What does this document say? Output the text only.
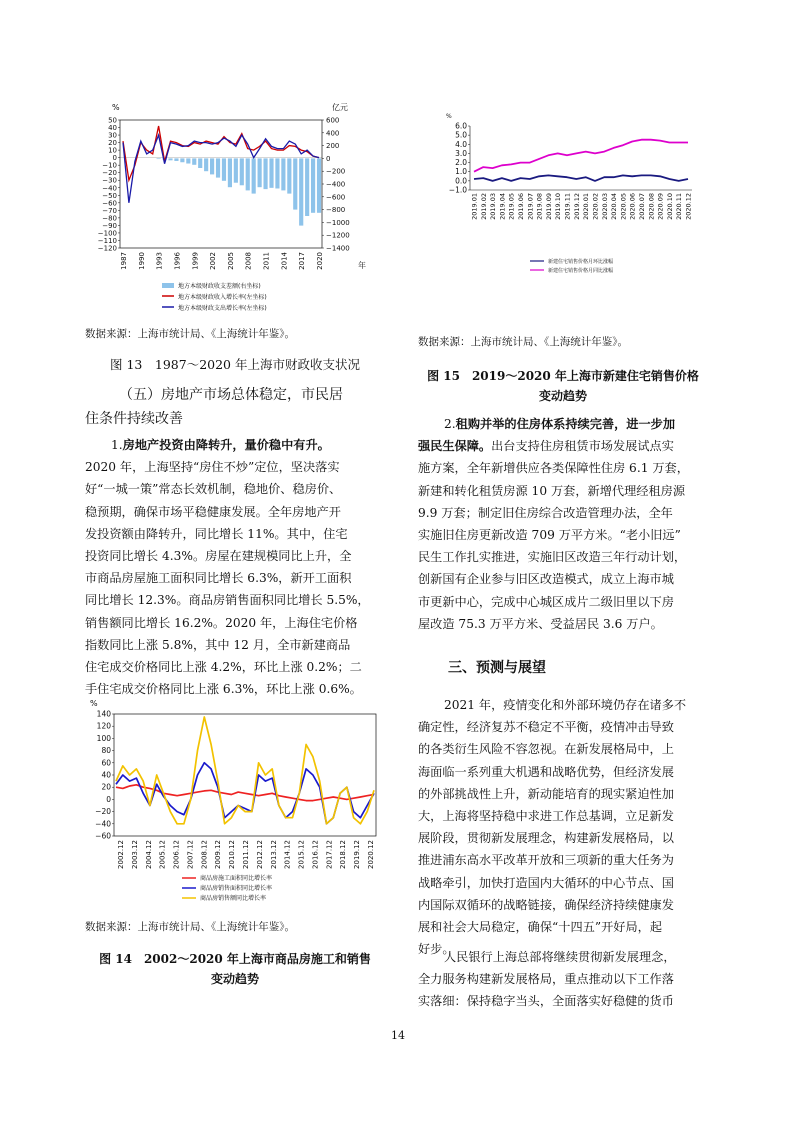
50
40
30
20
10
0
−10
−20
−30
−40
−50
−60
−70
−80
−90
−100
−110
−120
600
400
200
0
−200
−400
−600
−800
−1000
−1200
−1400
1987 1990 1993 1996 1999 2002 2005 2008 2011 2014 2017 2020
%	亿元
年
地方本级财政收支差额(右坐标)
地方本级财政收入增长率(左坐标)
地方本级财政支出增长率(左坐标)
数据来源：上海市统计局、《上海统计年鉴》。
图 13　1987～2020 年上海市财政收支状况
（五）房地产市场总体稳定，市民居
住条件持续改善
1.房地产投资由降转升，量价稳中有升。
2020 年，上海坚持“房住不炒”定位，坚决落实
好“一城一策”常态长效机制，稳地价、稳房价、
稳预期，确保市场平稳健康发展。全年房地产开
发投资额由降转升，同比增长 11%。其中，住宅
投资同比增长 4.3%。房屋在建规模同比上升，全
市商品房屋施工面积同比增长 6.3%，新开工面积
同比增长 12.3%。商品房销售面积同比增长 5.5%，
销售额同比增长 16.2%。2020 年，上海住宅价格
指数同比上涨 5.8%，其中 12 月，全市新建商品
住宅成交价格同比上涨 4.2%，环比上涨 0.2%；二
手住宅成交价格同比上涨 6.3%，环比上涨 0.6%。
140
120
100
80
60
40
20
0
−20
−40
−60
2002.12 2003.12 2004.12 2005.12 2006.12 2007.12 2008.12 2009.12 2010.12 2011.12 2012.12 2013.12 2014.12 2015.12 2016.12 2017.12 2018.12 2019.12 2020.12
%
商品房施工面积同比增长率
商品房销售面积同比增长率
商品房销售额同比增长率
数据来源：上海市统计局、《上海统计年鉴》。
图 14　2002～2020 年上海市商品房施工和销售
变动趋势
6.0
5.0
4.0
3.0
2.0
1.0
0.0
−1.0
2019.01 2019.02 2019.03 2019.04 2019.05 2019.06 2019.07 2019.08 2019.09 2019.10 2019.11 2019.12 2020.01 2020.02 2020.03 2020.04 2020.05 2020.06 2020.07 2020.08 2020.09 2020.10 2020.11 2020.12
%
新建住宅销售价格月环比涨幅
新建住宅销售价格月同比涨幅
数据来源：上海市统计局、《上海统计年鉴》。
图 15　2019～2020 年上海市新建住宅销售价格
变动趋势
2.租购并举的住房体系持续完善，进一步加
强民生保障。出台支持住房租赁市场发展试点实
施方案，全年新增供应各类保障性住房 6.1 万套，
新建和转化租赁房源 10 万套，新增代理经租房源
9.9 万套；制定旧住房综合改造管理办法，全年
实施旧住房更新改造 709 万平方米。“老小旧远”
民生工作扎实推进，实施旧区改造三年行动计划，
创新国有企业参与旧区改造模式，成立上海市城
市更新中心，完成中心城区成片二级旧里以下房
屋改造 75.3 万平方米、受益居民 3.6 万户。
三、预测与展望
2021 年，疫情变化和外部环境仍存在诸多不
确定性，经济复苏不稳定不平衡，疫情冲击导致
的各类衍生风险不容忽视。在新发展格局中，上
海面临一系列重大机遇和战略优势，但经济发展
的外部挑战性上升，新动能培育的现实紧迫性加
大，上海将坚持稳中求进工作总基调，立足新发
展阶段，贯彻新发展理念，构建新发展格局，以
推进浦东高水平改革开放和三项新的重大任务为
战略牵引，加快打造国内大循环的中心节点、国
内国际双循环的战略链接，确保经济持续健康发
展和社会大局稳定，确保“十四五”开好局，起
好步。
人民银行上海总部将继续贯彻新发展理念，
全力服务构建新发展格局，重点推动以下工作落
实落细：保持稳字当头，全面落实好稳健的货币
14
